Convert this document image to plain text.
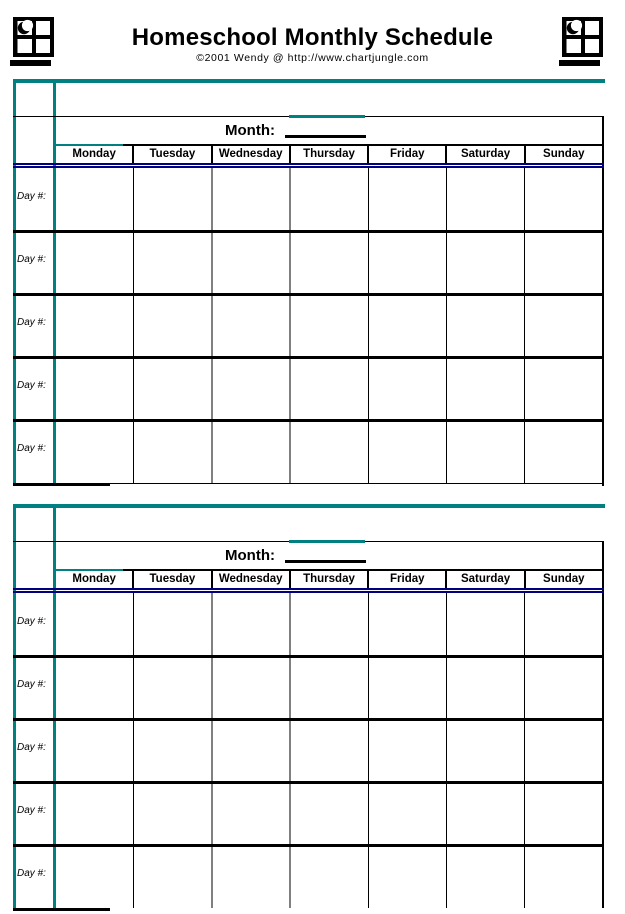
Homeschool Monthly Schedule
©2001 Wendy @ http://www.chartjungle.com
Month:
Monday	Tuesday	Wednesday	Thursday	Friday	Saturday	Sunday
Day #:
Day #:
Day #:
Day #:
Day #:
Month:
Monday	Tuesday	Wednesday	Thursday	Friday	Saturday	Sunday
Day #:
Day #:
Day #:
Day #:
Day #:
